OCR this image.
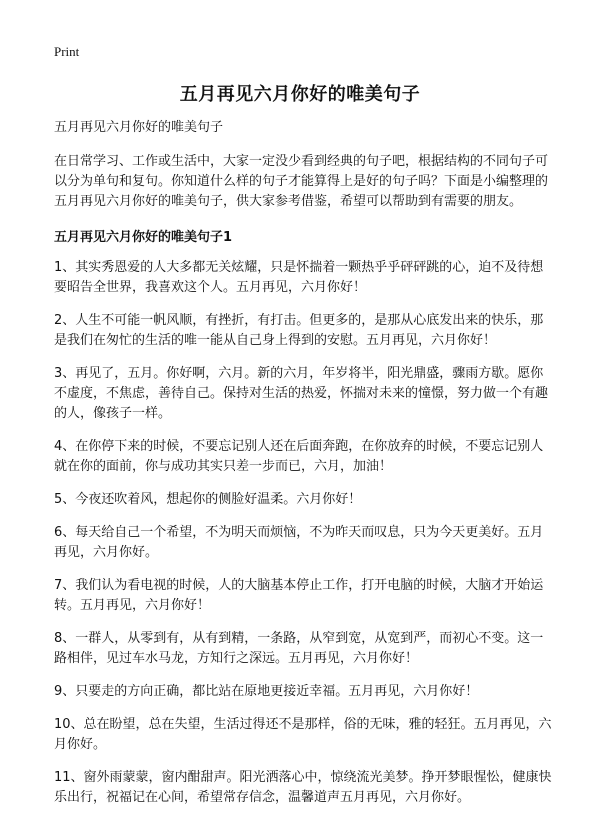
Print
五月再见六月你好的唯美句子

五月再见六月你好的唯美句子

在日常学习、工作或生活中，大家一定没少看到经典的句子吧，根据结构的不同句子可以分为单句和复句。你知道什么样的句子才能算得上是好的句子吗？下面是小编整理的五月再见六月你好的唯美句子，供大家参考借鉴，希望可以帮助到有需要的朋友。

五月再见六月你好的唯美句子1

1、其实秀恩爱的人大多都无关炫耀，只是怀揣着一颗热乎乎砰砰跳的心，迫不及待想要昭告全世界，我喜欢这个人。五月再见，六月你好！

2、人生不可能一帆风顺，有挫折，有打击。但更多的，是那从心底发出来的快乐，那是我们在匆忙的生活的唯一能从自己身上得到的安慰。五月再见，六月你好！

3、再见了，五月。你好啊，六月。新的六月，年岁将半，阳光鼎盛，骤雨方歇。愿你不虚度，不焦虑，善待自己。保持对生活的热爱，怀揣对未来的憧憬，努力做一个有趣的人，像孩子一样。

4、在你停下来的时候，不要忘记别人还在后面奔跑，在你放弃的时候，不要忘记别人就在你的面前，你与成功其实只差一步而已，六月，加油！

5、今夜还吹着风，想起你的侧脸好温柔。六月你好！

6、每天给自己一个希望，不为明天而烦恼，不为昨天而叹息，只为今天更美好。五月再见，六月你好。

7、我们认为看电视的时候，人的大脑基本停止工作，打开电脑的时候，大脑才开始运转。五月再见，六月你好！

8、一群人，从零到有，从有到精，一条路，从窄到宽，从宽到严，而初心不变。这一路相伴，见过车水马龙，方知行之深远。五月再见，六月你好！

9、只要走的方向正确，都比站在原地更接近幸福。五月再见，六月你好！

10、总在盼望，总在失望，生活过得还不是那样，俗的无味，雅的轻狂。五月再见，六月你好。

11、窗外雨蒙蒙，窗内酣甜声。阳光洒落心中，惊绕流光美梦。挣开梦眼惺忪，健康快乐出行，祝福记在心间，希望常存信念，温馨道声五月再见，六月你好。
